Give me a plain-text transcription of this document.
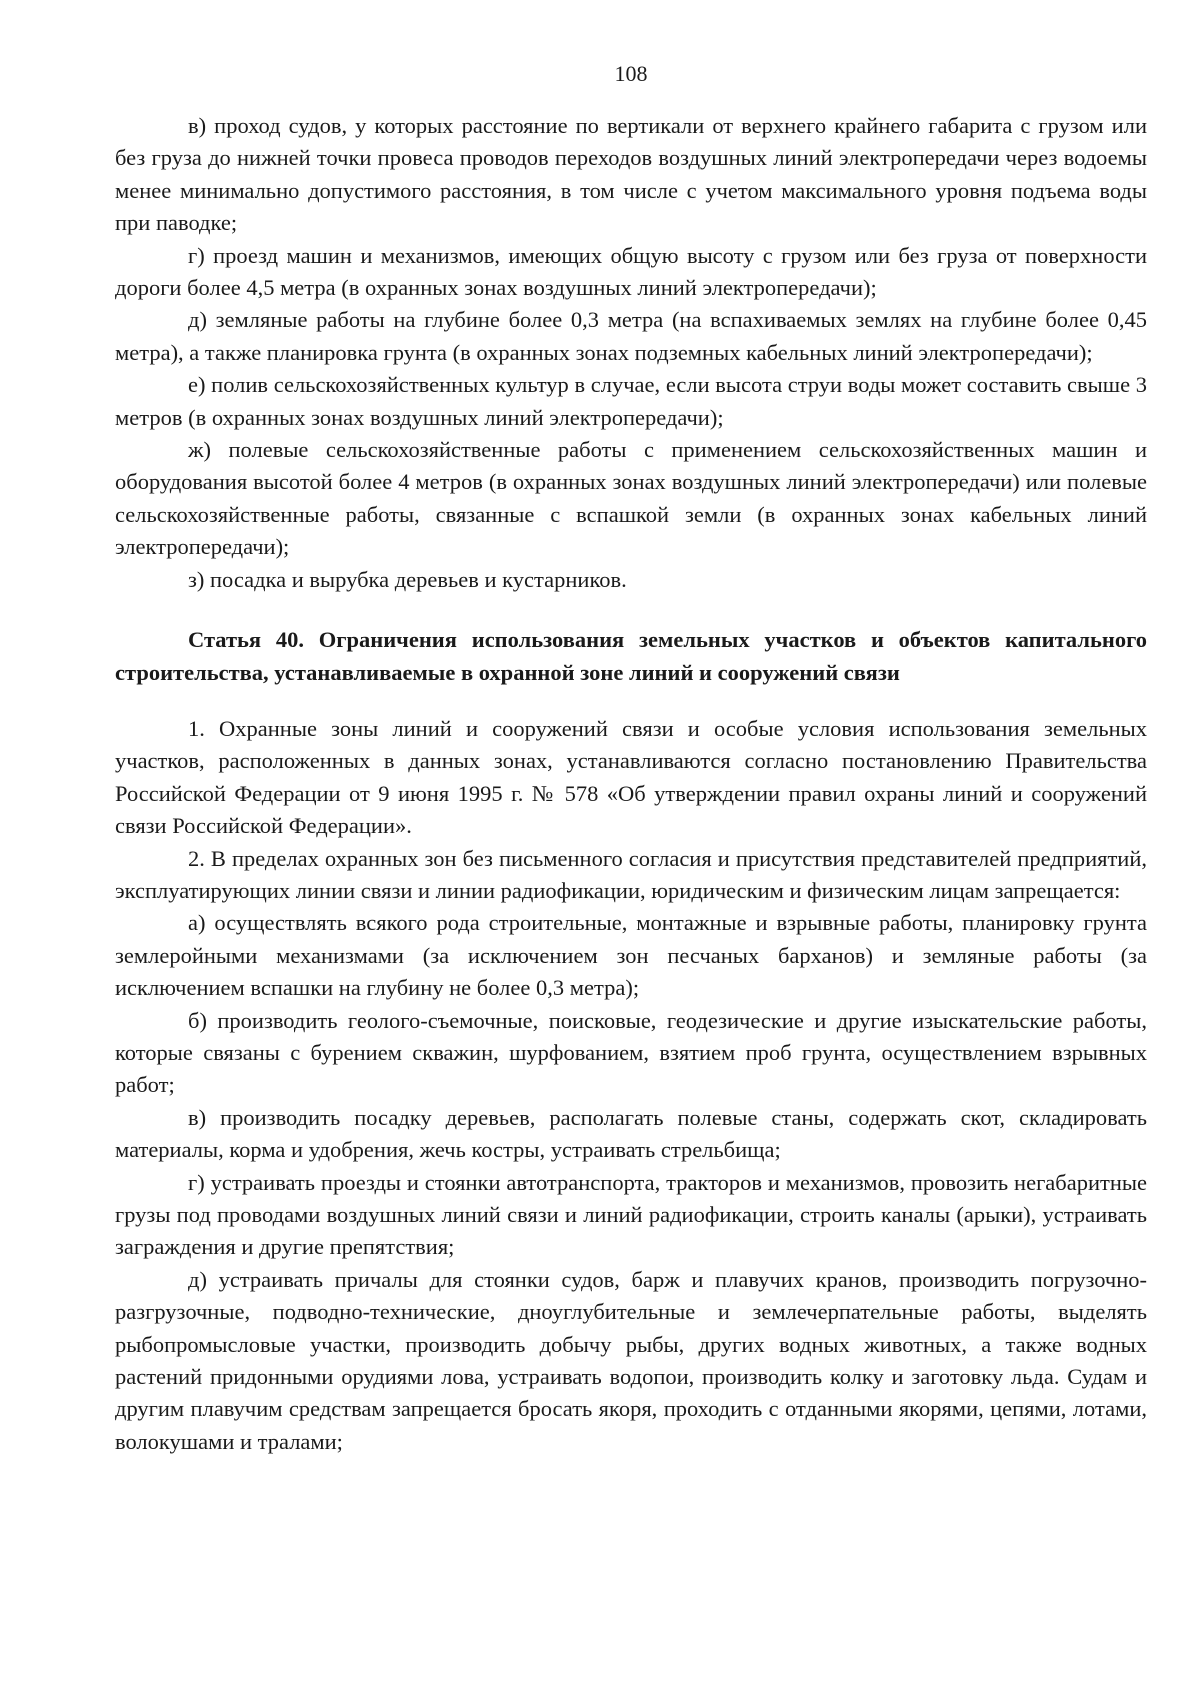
108

в) проход судов, у которых расстояние по вертикали от верхнего крайнего габарита с грузом или без груза до нижней точки провеса проводов переходов воздушных линий электропередачи через водоемы менее минимально допустимого расстояния, в том числе с учетом максимального уровня подъема воды при паводке;

г) проезд машин и механизмов, имеющих общую высоту с грузом или без груза от поверхности дороги более 4,5 метра (в охранных зонах воздушных линий электропередачи);

д) земляные работы на глубине более 0,3 метра (на вспахиваемых землях на глубине более 0,45 метра), а также планировка грунта (в охранных зонах подземных кабельных линий электропередачи);

е) полив сельскохозяйственных культур в случае, если высота струи воды может составить свыше 3 метров (в охранных зонах воздушных линий электропередачи);

ж) полевые сельскохозяйственные работы с применением сельскохозяйственных машин и оборудования высотой более 4 метров (в охранных зонах воздушных линий электропередачи) или полевые сельскохозяйственные работы, связанные с вспашкой земли (в охранных зонах кабельных линий электропередачи);

з) посадка и вырубка деревьев и кустарников.

Статья 40. Ограничения использования земельных участков и объектов капитального строительства, устанавливаемые в охранной зоне линий и сооружений связи

1. Охранные зоны линий и сооружений связи и особые условия использования земельных участков, расположенных в данных зонах, устанавливаются согласно постановлению Правительства Российской Федерации от 9 июня 1995 г. № 578 «Об утверждении правил охраны линий и сооружений связи Российской Федерации».

2. В пределах охранных зон без письменного согласия и присутствия представителей предприятий, эксплуатирующих линии связи и линии радиофикации, юридическим и физическим лицам запрещается:

а) осуществлять всякого рода строительные, монтажные и взрывные работы, планировку грунта землеройными механизмами (за исключением зон песчаных барханов) и земляные работы (за исключением вспашки на глубину не более 0,3 метра);

б) производить геолого-съемочные, поисковые, геодезические и другие изыскательские работы, которые связаны с бурением скважин, шурфованием, взятием проб грунта, осуществлением взрывных работ;

в) производить посадку деревьев, располагать полевые станы, содержать скот, складировать материалы, корма и удобрения, жечь костры, устраивать стрельбища;

г) устраивать проезды и стоянки автотранспорта, тракторов и механизмов, провозить негабаритные грузы под проводами воздушных линий связи и линий радиофикации, строить каналы (арыки), устраивать заграждения и другие препятствия;

д) устраивать причалы для стоянки судов, барж и плавучих кранов, производить погрузочно-разгрузочные, подводно-технические, дноуглубительные и землечерпательные работы, выделять рыбопромысловые участки, производить добычу рыбы, других водных животных, а также водных растений придонными орудиями лова, устраивать водопои, производить колку и заготовку льда. Судам и другим плавучим средствам запрещается бросать якоря, проходить с отданными якорями, цепями, лотами, волокушами и тралами;
